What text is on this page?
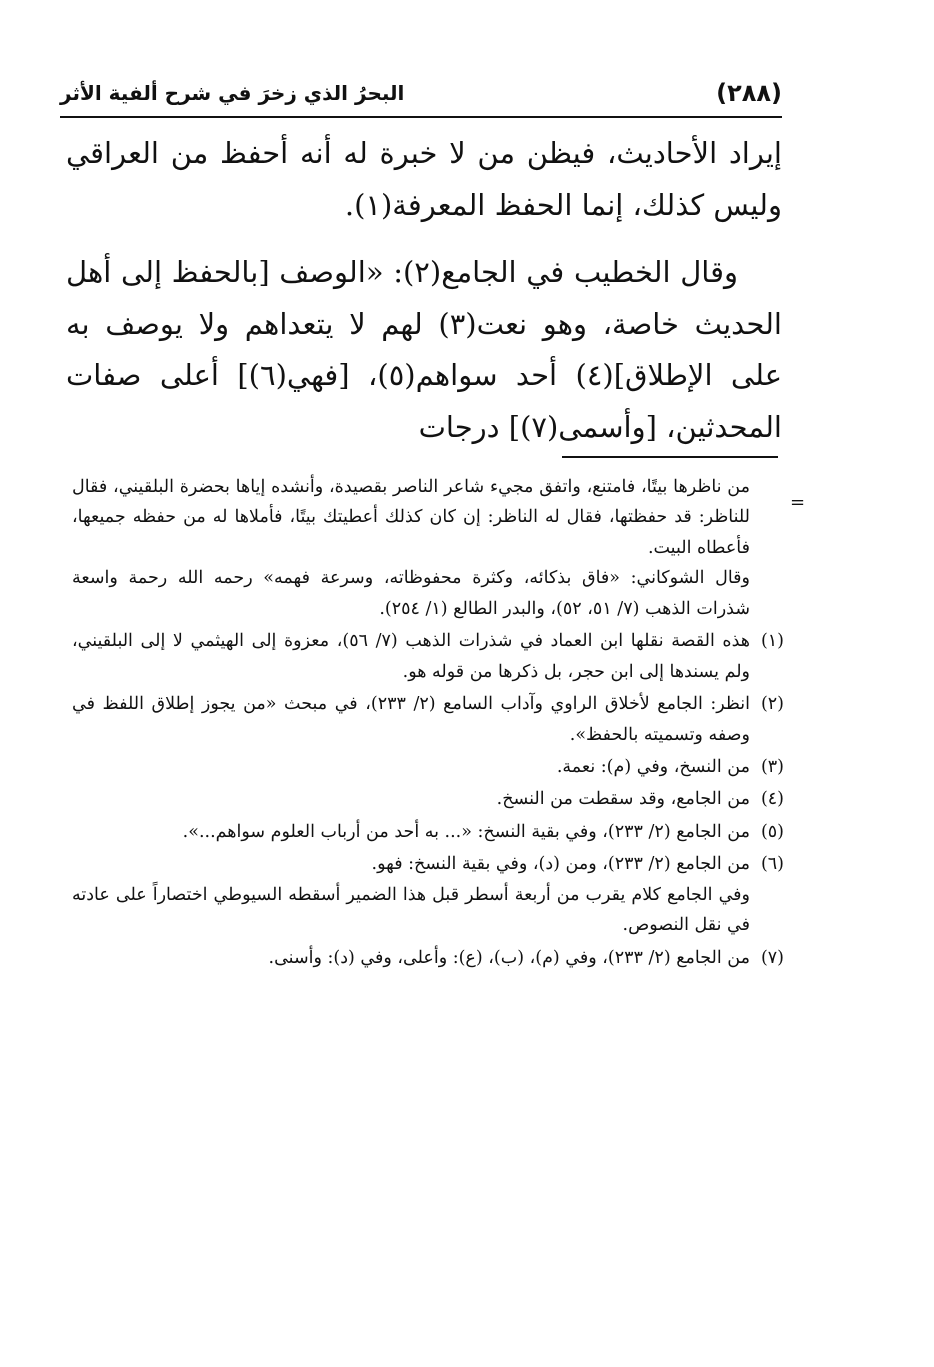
(٢٨٨)
البحرُ الذي زخرَ في شرح ألفية الأثر

إيراد الأحاديث، فيظن من لا خبرة له أنه أحفظ من العراقي وليس كذلك، إنما الحفظ المعرفة(١).

وقال الخطيب في الجامع(٢): «الوصف [بالحفظ إلى أهل الحديث خاصة، وهو نعت(٣) لهم لا يتعداهم ولا يوصف به على الإطلاق](٤) أحد سواهم(٥)، [فهي(٦)] أعلى صفات المحدثين، [وأسمى(٧)] درجات

=

من ناظرها بيتًا، فامتنع، واتفق مجيء شاعر الناصر بقصيدة، وأنشده إياها بحضرة البلقيني، فقال للناظر: قد حفظتها، فقال له الناظر: إن كان كذلك أعطيتك بيتًا، فأملاها له من حفظه جميعها، فأعطاه البيت.

وقال الشوكاني: «فاق بذكائه، وكثرة محفوظاته، وسرعة فهمه» رحمه الله رحمة واسعة شذرات الذهب (٧/ ٥١، ٥٢)، والبدر الطالع (١/ ٢٥٤).

(١)

هذه القصة نقلها ابن العماد في شذرات الذهب (٧/ ٥٦)، معزوة إلى الهيثمي لا إلى البلقيني، ولم يسندها إلى ابن حجر، بل ذكرها من قوله هو.

(٢)

انظر: الجامع لأخلاق الراوي وآداب السامع (٢/ ٢٣٣)، في مبحث «من يجوز إطلاق اللفظ في وصفه وتسميته بالحفظ».

(٣)

من النسخ، وفي (م): نعمة.

(٤)

من الجامع، وقد سقطت من النسخ.

(٥)

من الجامع (٢/ ٢٣٣)، وفي بقية النسخ: «... به أحد من أرباب العلوم سواهم...».

(٦)

من الجامع (٢/ ٢٣٣)، ومن (د)، وفي بقية النسخ: فهو.

وفي الجامع كلام يقرب من أربعة أسطر قبل هذا الضمير أسقطه السيوطي اختصاراً على عادته في نقل النصوص.

(٧)

من الجامع (٢/ ٢٣٣)، وفي (م)، (ب)، (ع): وأعلى، وفي (د): وأسنى.
